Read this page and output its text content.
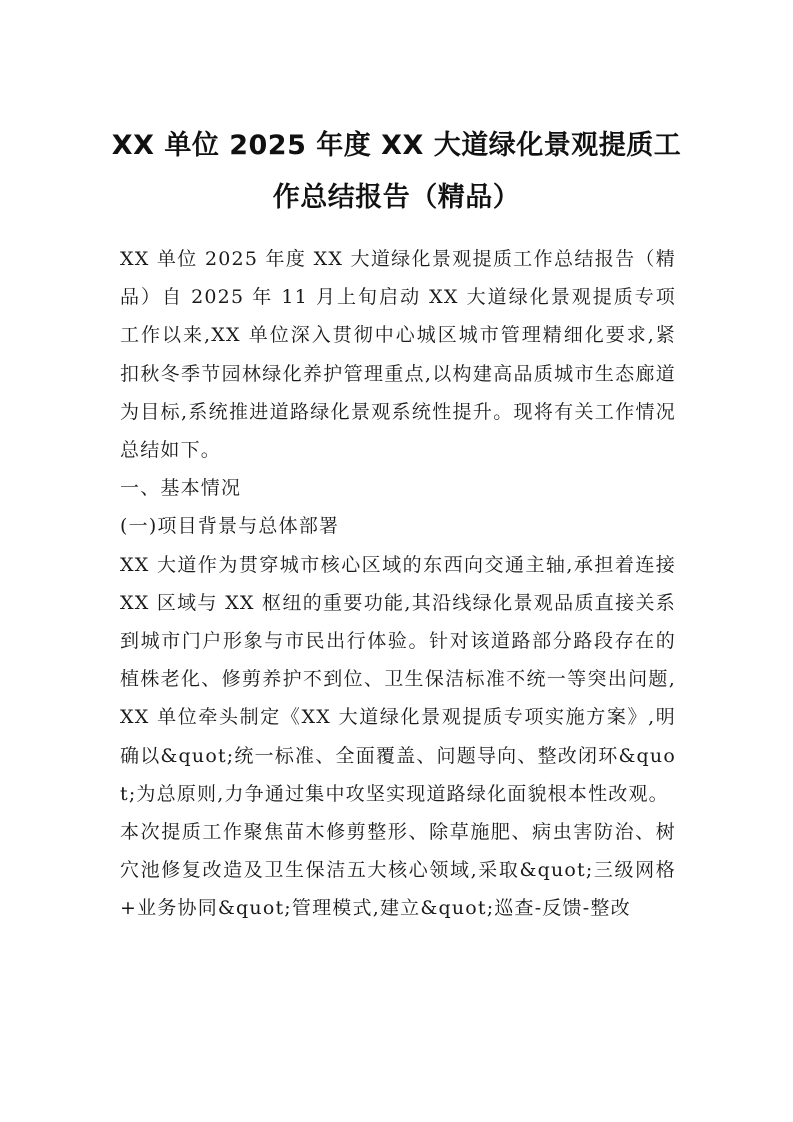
XX 单位 2025 年度 XX 大道绿化景观提质工作总结报告（精品）

XX 单位 2025 年度 XX 大道绿化景观提质工作总结报告（精品）自 2025 年 11 月上旬启动 XX 大道绿化景观提质专项工作以来,XX 单位深入贯彻中心城区城市管理精细化要求,紧扣秋冬季节园林绿化养护管理重点,以构建高品质城市生态廊道为目标,系统推进道路绿化景观系统性提升。现将有关工作情况总结如下。

一、基本情况

(一)项目背景与总体部署

XX 大道作为贯穿城市核心区域的东西向交通主轴,承担着连接 XX 区域与 XX 枢纽的重要功能,其沿线绿化景观品质直接关系到城市门户形象与市民出行体验。针对该道路部分路段存在的植株老化、修剪养护不到位、卫生保洁标准不统一等突出问题,XX 单位牵头制定《XX 大道绿化景观提质专项实施方案》,明确以&quot;统一标准、全面覆盖、问题导向、整改闭环&quot;为总原则,力争通过集中攻坚实现道路绿化面貌根本性改观。

本次提质工作聚焦苗木修剪整形、除草施肥、病虫害防治、树穴池修复改造及卫生保洁五大核心领域,采取&quot;三级网格+业务协同&quot;管理模式,建立&quot;巡查-反馈-整改
